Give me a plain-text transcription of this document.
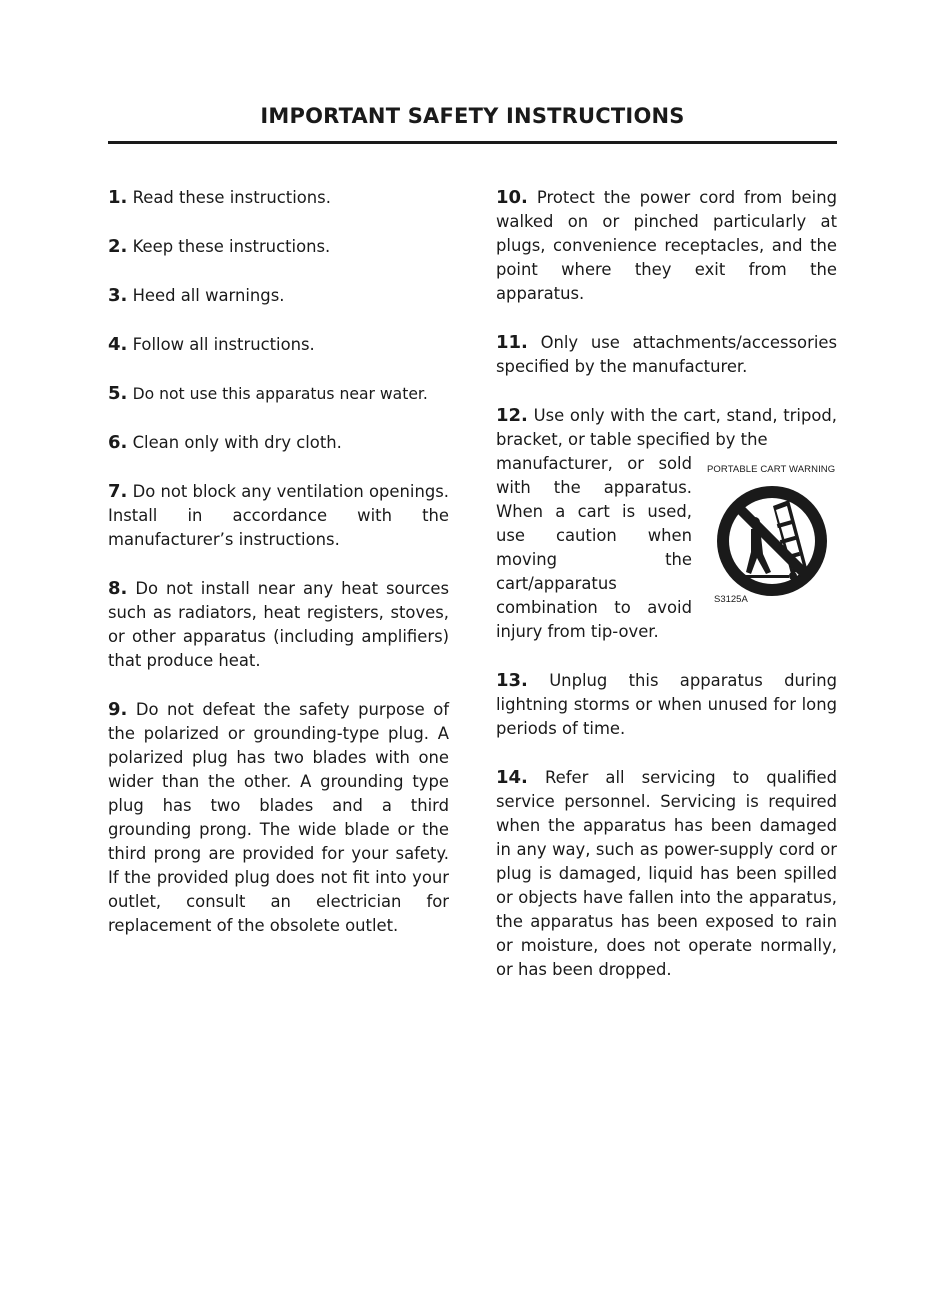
IMPORTANT SAFETY INSTRUCTIONS

1. Read these instructions.

2. Keep these instructions.

3. Heed all warnings.

4. Follow all instructions.

5. Do not use this apparatus near water.

6. Clean only with dry cloth.

7. Do not block any ventilation openings. Install in accordance with the manufacturer’s instructions.

8. Do not install near any heat sources such as radiators, heat registers, stoves, or other apparatus (including amplifiers) that produce heat.

9. Do not defeat the safety purpose of the polarized or grounding-type plug. A polarized plug has two blades with one wider than the other. A grounding type plug has two blades and a third grounding prong. The wide blade or the third prong are provided for your safety. If the provided plug does not fit into your outlet, consult an electrician for replacement of the obsolete outlet.

10. Protect the power cord from being walked on or pinched particularly at plugs, convenience receptacles, and the point where they exit from the apparatus.

11. Only use attachments/accessories specified by the manufacturer.

12. Use only with the cart, stand, tripod, bracket, or table specified by the
manufacturer, or sold with the apparatus. When a cart is used, use caution when moving the cart/apparatus combination to avoid injury from tip-over.

13. Unplug this apparatus during lightning storms or when unused for long periods of time.

14. Refer all servicing to qualified service personnel. Servicing is required when the apparatus has been damaged in any way, such as power-supply cord or plug is damaged, liquid has been spilled or objects have fallen into the apparatus, the apparatus has been exposed to rain or moisture, does not operate normally, or has been dropped.

PORTABLE CART WARNING
S3125A
